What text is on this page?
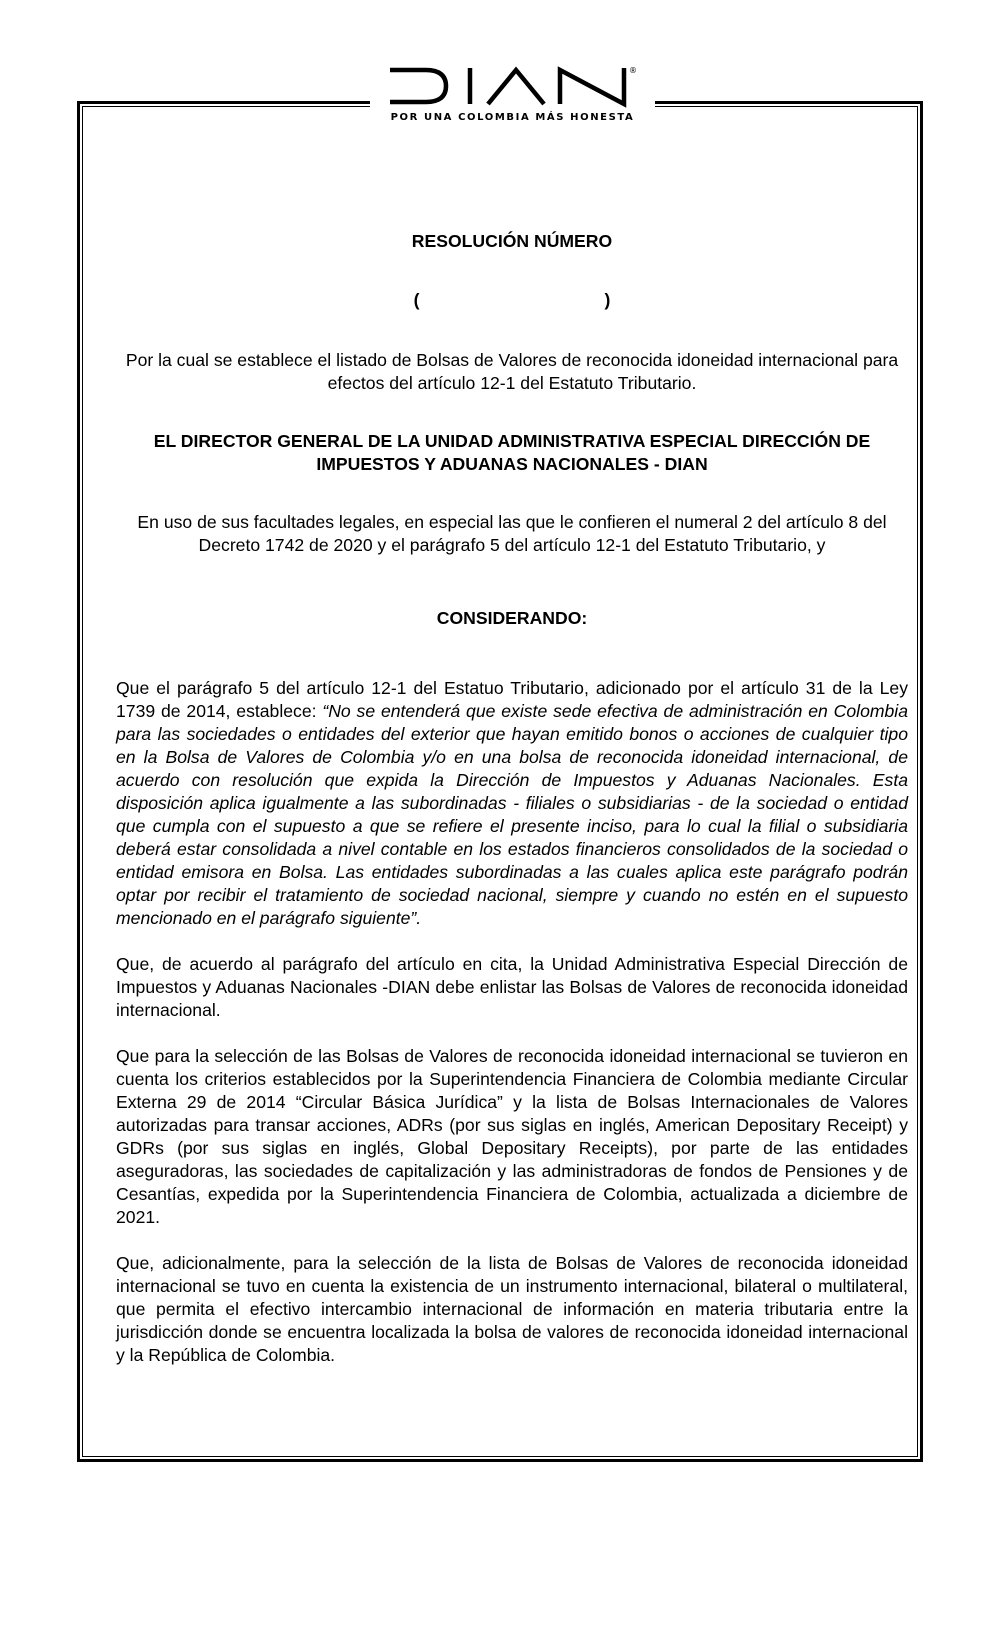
®
POR UNA COLOMBIA MÁS HONESTA
RESOLUCIÓN NÚMERO
(	)
Por la cual se establece el listado de Bolsas de Valores de reconocida idoneidad internacional para efectos del artículo 12-1 del Estatuto Tributario.
EL DIRECTOR GENERAL DE LA UNIDAD ADMINISTRATIVA ESPECIAL DIRECCIÓN DE IMPUESTOS Y ADUANAS NACIONALES - DIAN
En uso de sus facultades legales, en especial las que le confieren el numeral 2 del artículo 8 del Decreto 1742 de 2020 y el parágrafo 5 del artículo 12-1 del Estatuto Tributario, y
CONSIDERANDO:
Que el parágrafo 5 del artículo 12-1 del Estatuo Tributario, adicionado por el artículo 31 de la Ley 1739 de 2014, establece: “No se entenderá que existe sede efectiva de administración en Colombia para las sociedades o entidades del exterior que hayan emitido bonos o acciones de cualquier tipo en la Bolsa de Valores de Colombia y/o en una bolsa de reconocida idoneidad internacional, de acuerdo con resolución que expida la Dirección de Impuestos y Aduanas Nacionales. Esta disposición aplica igualmente a las subordinadas - filiales o subsidiarias - de la sociedad o entidad que cumpla con el supuesto a que se refiere el presente inciso, para lo cual la filial o subsidiaria deberá estar consolidada a nivel contable en los estados financieros consolidados de la sociedad o entidad emisora en Bolsa. Las entidades subordinadas a las cuales aplica este parágrafo podrán optar por recibir el tratamiento de sociedad nacional, siempre y cuando no estén en el supuesto mencionado en el parágrafo siguiente”.
Que, de acuerdo al parágrafo del artículo en cita, la Unidad Administrativa Especial Dirección de Impuestos y Aduanas Nacionales -DIAN debe enlistar las Bolsas de Valores de reconocida idoneidad internacional.
Que para la selección de las Bolsas de Valores de reconocida idoneidad internacional se tuvieron en cuenta los criterios establecidos por la Superintendencia Financiera de Colombia mediante Circular Externa 29 de 2014 “Circular Básica Jurídica” y la lista de Bolsas Internacionales de Valores autorizadas para transar acciones, ADRs (por sus siglas en inglés, American Depositary Receipt) y GDRs (por sus siglas en inglés, Global Depositary Receipts), por parte de las entidades aseguradoras, las sociedades de capitalización y las administradoras de fondos de Pensiones y de Cesantías, expedida por la Superintendencia Financiera de Colombia, actualizada a diciembre de 2021.
Que, adicionalmente, para la selección de la lista de Bolsas de Valores de reconocida idoneidad internacional se tuvo en cuenta la existencia de un instrumento internacional, bilateral o multilateral, que permita el efectivo intercambio internacional de información en materia tributaria entre la jurisdicción donde se encuentra localizada la bolsa de valores de reconocida idoneidad internacional y la República de Colombia.
